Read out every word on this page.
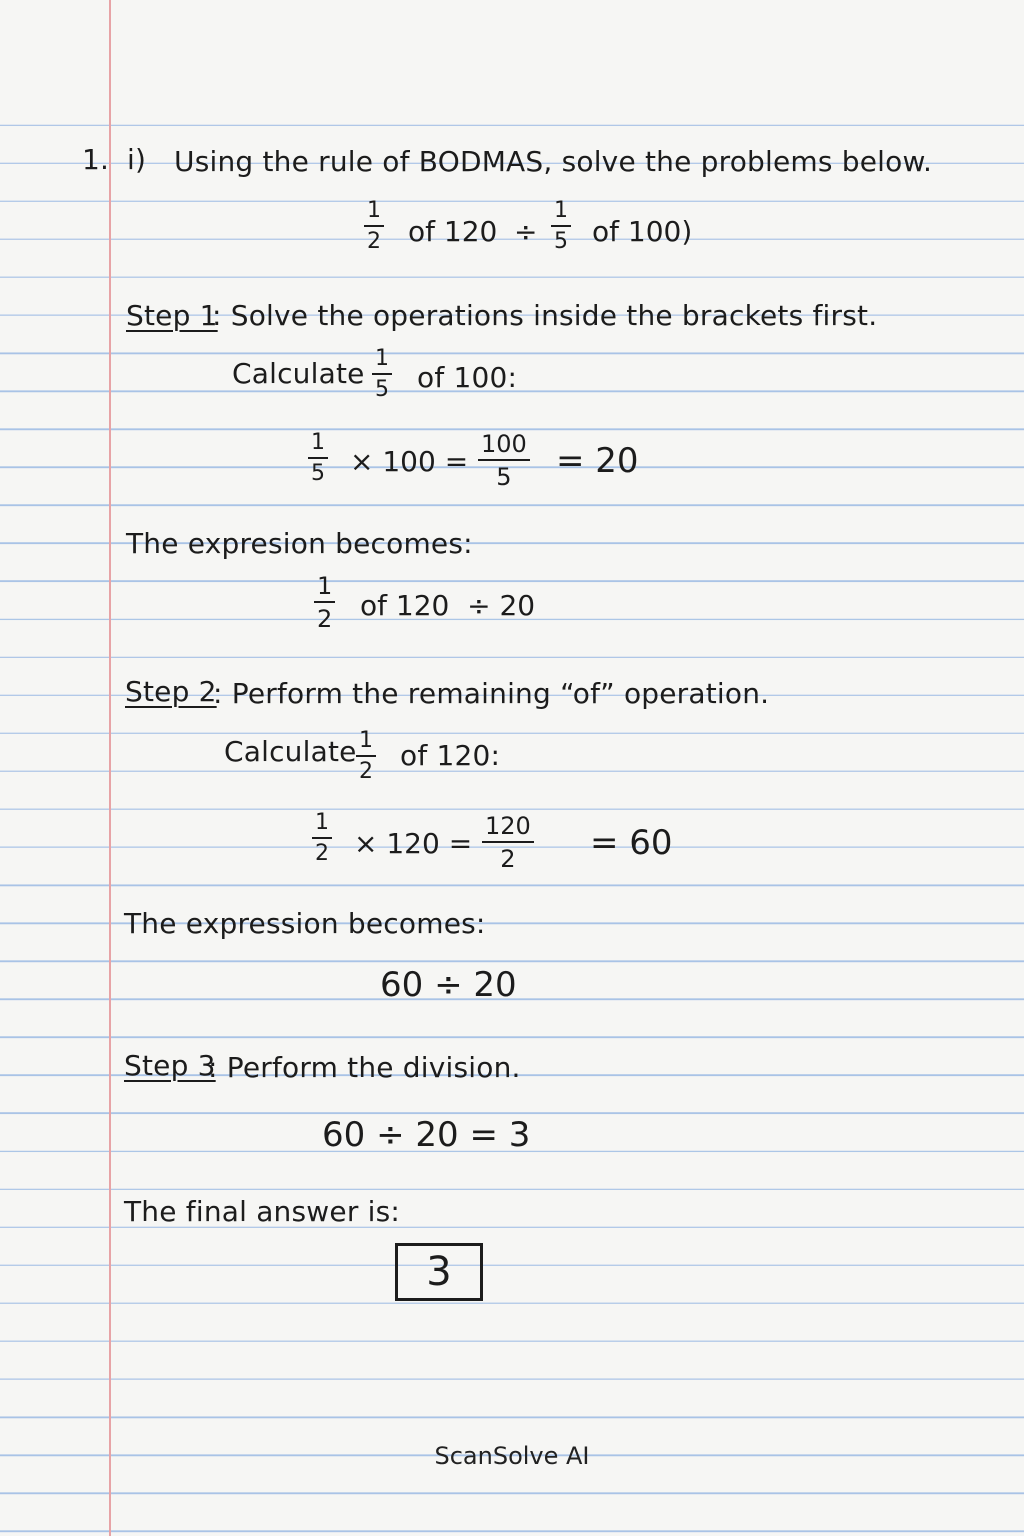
1. i) Using the rule of BODMAS, solve the problems below.
$\frac{1}{2}$ of $120 \div \frac{1}{5}$ of 100)
Step 1
: Solve the operations inside the brackets first.
Calculate $\frac{1}{5}$ of 100:
$\frac{1}{5} \times 100 = \frac{100}{5} = 20$
The expresion becomes:
$\frac{1}{2}$ of 120  ÷ 20
Step 2
: Perform the remaining “of” operation.
Calculate $\frac{1}{2}$ of 120:
$\frac{1}{2} \times 120 = \frac{120}{2} = 60$
The expression becomes:
60 ÷ 20
Step 3
: Perform the division.
60 ÷ 20 = 3
The final answer is:
3
ScanSolve AI
